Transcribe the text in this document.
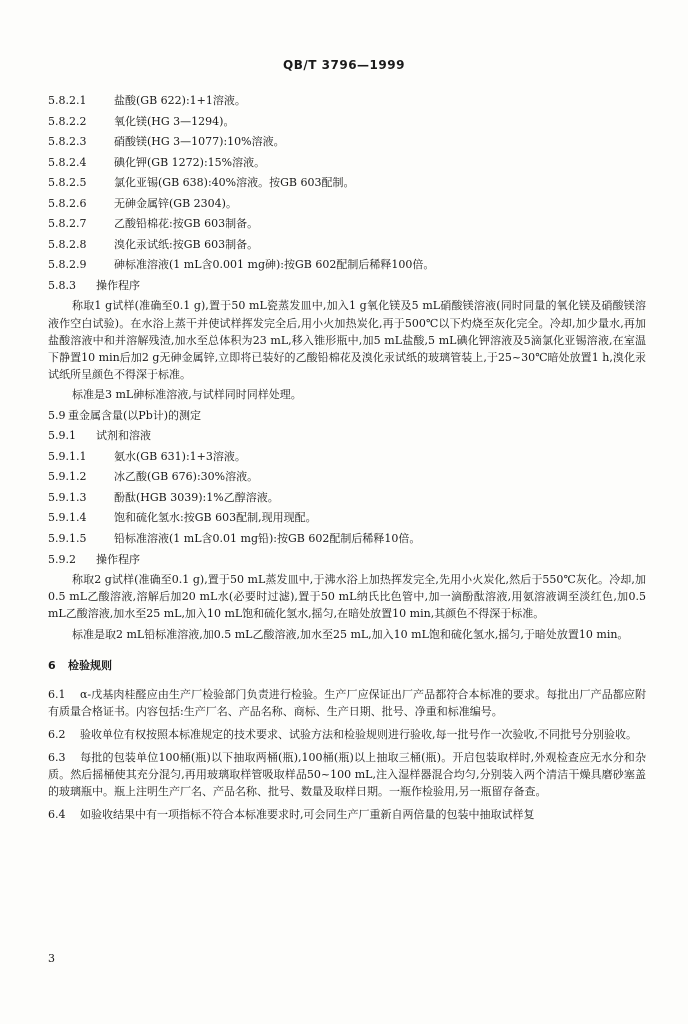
QB/T 3796—1999
5.8.2.1	盐酸(GB 622):1+1溶液。
5.8.2.2	氧化镁(HG 3—1294)。
5.8.2.3	硝酸镁(HG 3—1077):10%溶液。
5.8.2.4	碘化钾(GB 1272):15%溶液。
5.8.2.5	氯化亚锡(GB 638):40%溶液。按GB 603配制。
5.8.2.6	无砷金属锌(GB 2304)。
5.8.2.7	乙酸铅棉花:按GB 603制备。
5.8.2.8	溴化汞试纸:按GB 603制备。
5.8.2.9	砷标准溶液(1 mL含0.001 mg砷):按GB 602配制后稀释100倍。
5.8.3 操作程序

称取1 g试样(准确至0.1 g),置于50 mL瓷蒸发皿中,加入1 g氧化镁及5 mL硝酸镁溶液(同时同量的氧化镁及硝酸镁溶液作空白试验)。在水浴上蒸干并使试样挥发完全后,用小火加热炭化,再于500℃以下灼烧至灰化完全。冷却,加少量水,再加盐酸溶液中和并溶解残渣,加水至总体积为23 mL,移入锥形瓶中,加5 mL盐酸,5 mL碘化钾溶液及5滴氯化亚锡溶液,在室温下静置10 min后加2 g无砷金属锌,立即将已装好的乙酸铅棉花及溴化汞试纸的玻璃管装上,于25~30℃暗处放置1 h,溴化汞试纸所呈颜色不得深于标准。

标准是3 mL砷标准溶液,与试样同时同样处理。

5.9 重金属含量(以Pb计)的测定
5.9.1 试剂和溶液
5.9.1.1	氨水(GB 631):1+3溶液。
5.9.1.2	冰乙酸(GB 676):30%溶液。
5.9.1.3	酚酞(HGB 3039):1%乙醇溶液。
5.9.1.4	饱和硫化氢水:按GB 603配制,现用现配。
5.9.1.5	铅标准溶液(1 mL含0.01 mg铅):按GB 602配制后稀释10倍。
5.9.2 操作程序

称取2 g试样(准确至0.1 g),置于50 mL蒸发皿中,于沸水浴上加热挥发完全,先用小火炭化,然后于550℃灰化。冷却,加0.5 mL乙酸溶液,溶解后加20 mL水(必要时过滤),置于50 mL纳氏比色管中,加一滴酚酞溶液,用氨溶液调至淡红色,加0.5 mL乙酸溶液,加水至25 mL,加入10 mL饱和硫化氢水,摇匀,在暗处放置10 min,其颜色不得深于标准。

标准是取2 mL铅标准溶液,加0.5 mL乙酸溶液,加水至25 mL,加入10 mL饱和硫化氢水,摇匀,于暗处放置10 min。

6 检验规则

6.1 α-戊基肉桂醛应由生产厂检验部门负责进行检验。生产厂应保证出厂产品都符合本标准的要求。每批出厂产品都应附有质量合格证书。内容包括:生产厂名、产品名称、商标、生产日期、批号、净重和标准编号。

6.2 验收单位有权按照本标准规定的技术要求、试验方法和检验规则进行验收,每一批号作一次验收,不同批号分别验收。

6.3 每批的包装单位100桶(瓶)以下抽取两桶(瓶),100桶(瓶)以上抽取三桶(瓶)。开启包装取样时,外观检查应无水分和杂质。然后摇桶使其充分混匀,再用玻璃取样管吸取样品50~100 mL,注入湿样器混合均匀,分别装入两个清洁干燥具磨砂塞盖的玻璃瓶中。瓶上注明生产厂名、产品名称、批号、数量及取样日期。一瓶作检验用,另一瓶留存备查。

6.4 如验收结果中有一项指标不符合本标准要求时,可会同生产厂重新自两倍量的包装中抽取试样复

3
